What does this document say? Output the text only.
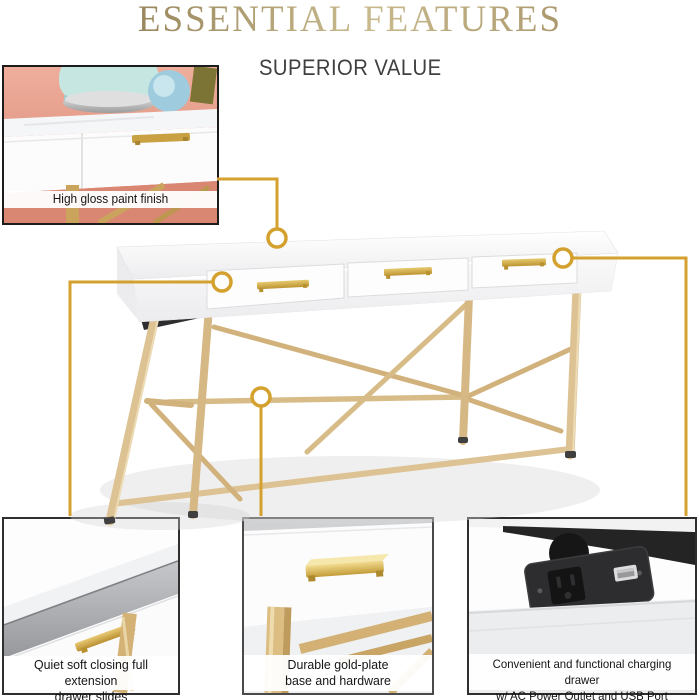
ESSENTIAL FEATURES

SUPERIOR VALUE
High gloss paint finish
Quiet soft closing full extension
drawer slides
Durable gold-plate
base and hardware
Convenient and functional charging drawer
w/ AC Power Outlet and USB Port
